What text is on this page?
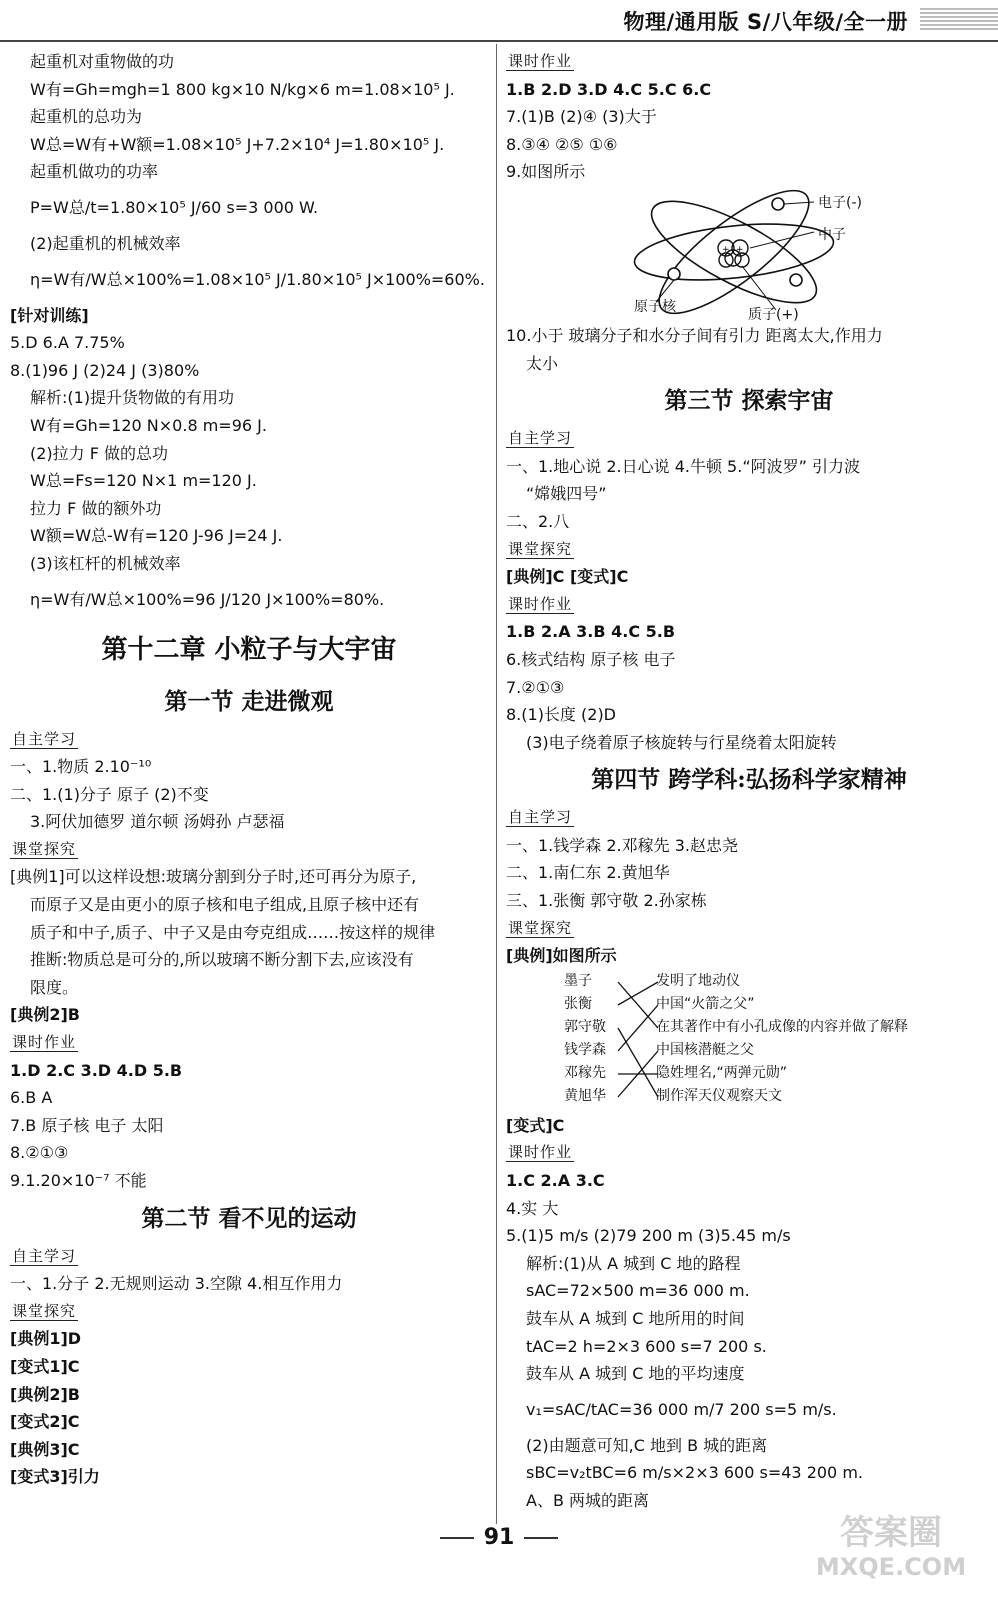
物理/通用版 S/八年级/全一册
起重机对重物做的功
W有=Gh=mgh=1 800 kg×10 N/kg×6 m=1.08×10⁵ J.
起重机的总功为
W总=W有+W额=1.08×10⁵ J+7.2×10⁴ J=1.80×10⁵ J.
起重机做功的功率
P=W总/t=1.80×10⁵ J/60 s=3 000 W.
(2)起重机的机械效率
η=W有/W总×100%=1.08×10⁵ J/1.80×10⁵ J×100%=60%.
[针对训练]
5.D 6.A 7.75%
8.(1)96 J (2)24 J (3)80%
解析:(1)提升货物做的有用功
W有=Gh=120 N×0.8 m=96 J.
(2)拉力 F 做的总功
W总=Fs=120 N×1 m=120 J.
拉力 F 做的额外功
W额=W总-W有=120 J-96 J=24 J.
(3)该杠杆的机械效率
η=W有/W总×100%=96 J/120 J×100%=80%.
第十二章 小粒子与大宇宙
第一节 走进微观
自主学习
一、1.物质 2.10⁻¹⁰
二、1.(1)分子 原子 (2)不变
3.阿伏加德罗 道尔顿 汤姆孙 卢瑟福
课堂探究
[典例1]可以这样设想:玻璃分割到分子时,还可再分为原子,
而原子又是由更小的原子核和电子组成,且原子核中还有
质子和中子,质子、中子又是由夸克组成……按这样的规律
推断:物质总是可分的,所以玻璃不断分割下去,应该没有
限度。
[典例2]B
课时作业
1.D 2.C 3.D 4.D 5.B
6.B A
7.B 原子核 电子 太阳
8.②①③
9.1.20×10⁻⁷ 不能
第二节 看不见的运动
自主学习
一、1.分子 2.无规则运动 3.空隙 4.相互作用力
课堂探究
[典例1]D
[变式1]C
[典例2]B
[变式2]C
[典例3]C
[变式3]引力
课时作业
1.B 2.D 3.D 4.C 5.C 6.C
7.(1)B (2)④ (3)大于
8.③④ ②⑤ ①⑥
9.如图所示
+ +
电子(-)
中子
原子核	质子(+)
10.小于 玻璃分子和水分子间有引力 距离太大,作用力
太小
第三节 探索宇宙
自主学习
一、1.地心说 2.日心说 4.牛顿 5.“阿波罗” 引力波
“嫦娥四号”
二、2.八
课堂探究
[典例]C [变式]C
课时作业
1.B 2.A 3.B 4.C 5.B
6.核式结构 原子核 电子
7.②①③
8.(1)长度 (2)D
(3)电子绕着原子核旋转与行星绕着太阳旋转
第四节 跨学科:弘扬科学家精神
自主学习
一、1.钱学森 2.邓稼先 3.赵忠尧
二、1.南仁东 2.黄旭华
三、1.张衡 郭守敬 2.孙家栋
课堂探究
[典例]如图所示
墨子
张衡
郭守敬
钱学森
邓稼先
黄旭华
发明了地动仪
中国“火箭之父”
在其著作中有小孔成像的内容并做了解释
中国核潜艇之父
隐姓埋名,“两弹元勋”
制作浑天仪观察天文
[变式]C
课时作业
1.C 2.A 3.C
4.实 大
5.(1)5 m/s (2)79 200 m (3)5.45 m/s
解析:(1)从 A 城到 C 地的路程
sAC=72×500 m=36 000 m.
鼓车从 A 城到 C 地所用的时间
tAC=2 h=2×3 600 s=7 200 s.
鼓车从 A 城到 C 地的平均速度
v₁=sAC/tAC=36 000 m/7 200 s=5 m/s.
(2)由题意可知,C 地到 B 城的距离
sBC=v₂tBC=6 m/s×2×3 600 s=43 200 m.
A、B 两城的距离
91	答案圈
MXQE.COM
